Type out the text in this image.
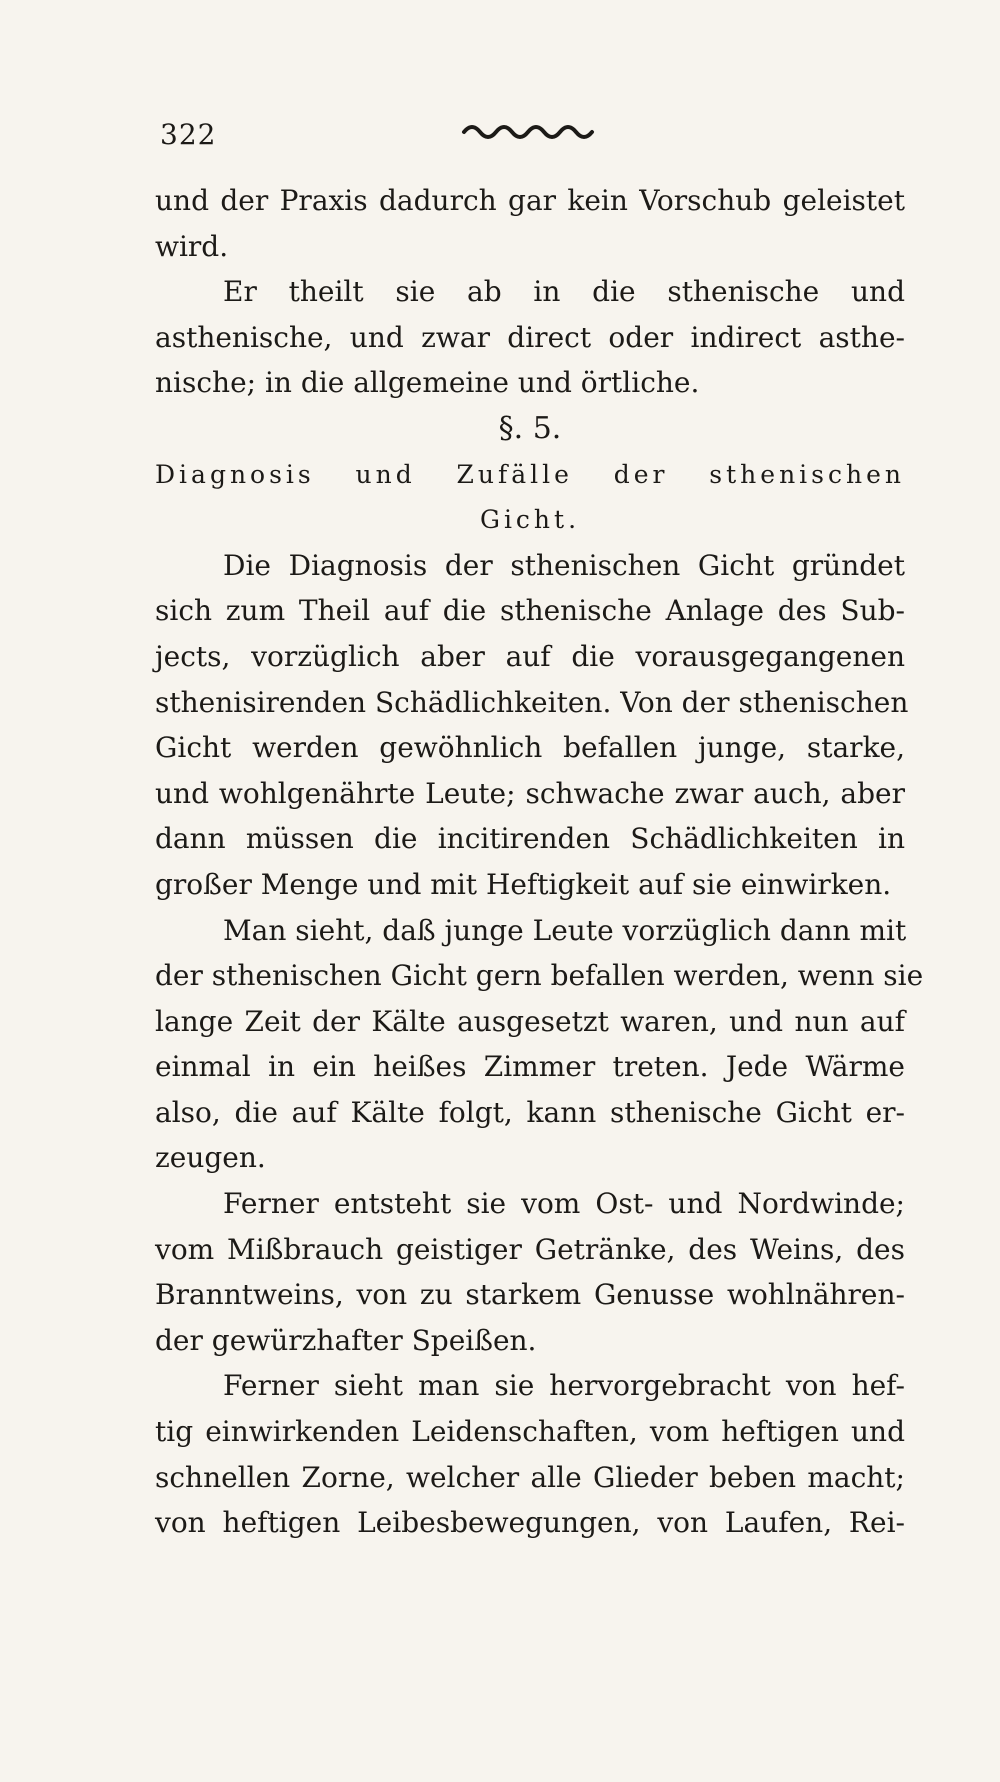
322
und der Praxis dadurch gar kein Vorschub geleistet
wird.
Er theilt sie ab in die sthenische und
asthenische, und zwar direct oder indirect asthe-
nische; in die allgemeine und örtliche.
§. 5.
Diagnosis und Zufälle der sthenischen
Gicht.
Die Diagnosis der sthenischen Gicht gründet
sich zum Theil auf die sthenische Anlage des Sub-
jects, vorzüglich aber auf die vorausgegangenen
sthenisirenden Schädlichkeiten. Von der sthenischen
Gicht werden gewöhnlich befallen junge, starke,
und wohlgenährte Leute; schwache zwar auch, aber
dann müssen die incitirenden Schädlichkeiten in
großer Menge und mit Heftigkeit auf sie einwirken.
Man sieht, daß junge Leute vorzüglich dann mit
der sthenischen Gicht gern befallen werden, wenn sie
lange Zeit der Kälte ausgesetzt waren, und nun auf
einmal in ein heißes Zimmer treten. Jede Wärme
also, die auf Kälte folgt, kann sthenische Gicht er-
zeugen.
Ferner entsteht sie vom Ost- und Nordwinde;
vom Mißbrauch geistiger Getränke, des Weins, des
Branntweins, von zu starkem Genusse wohlnähren-
der gewürzhafter Speißen.
Ferner sieht man sie hervorgebracht von hef-
tig einwirkenden Leidenschaften, vom heftigen und
schnellen Zorne, welcher alle Glieder beben macht;
von heftigen Leibesbewegungen, von Laufen, Rei-
